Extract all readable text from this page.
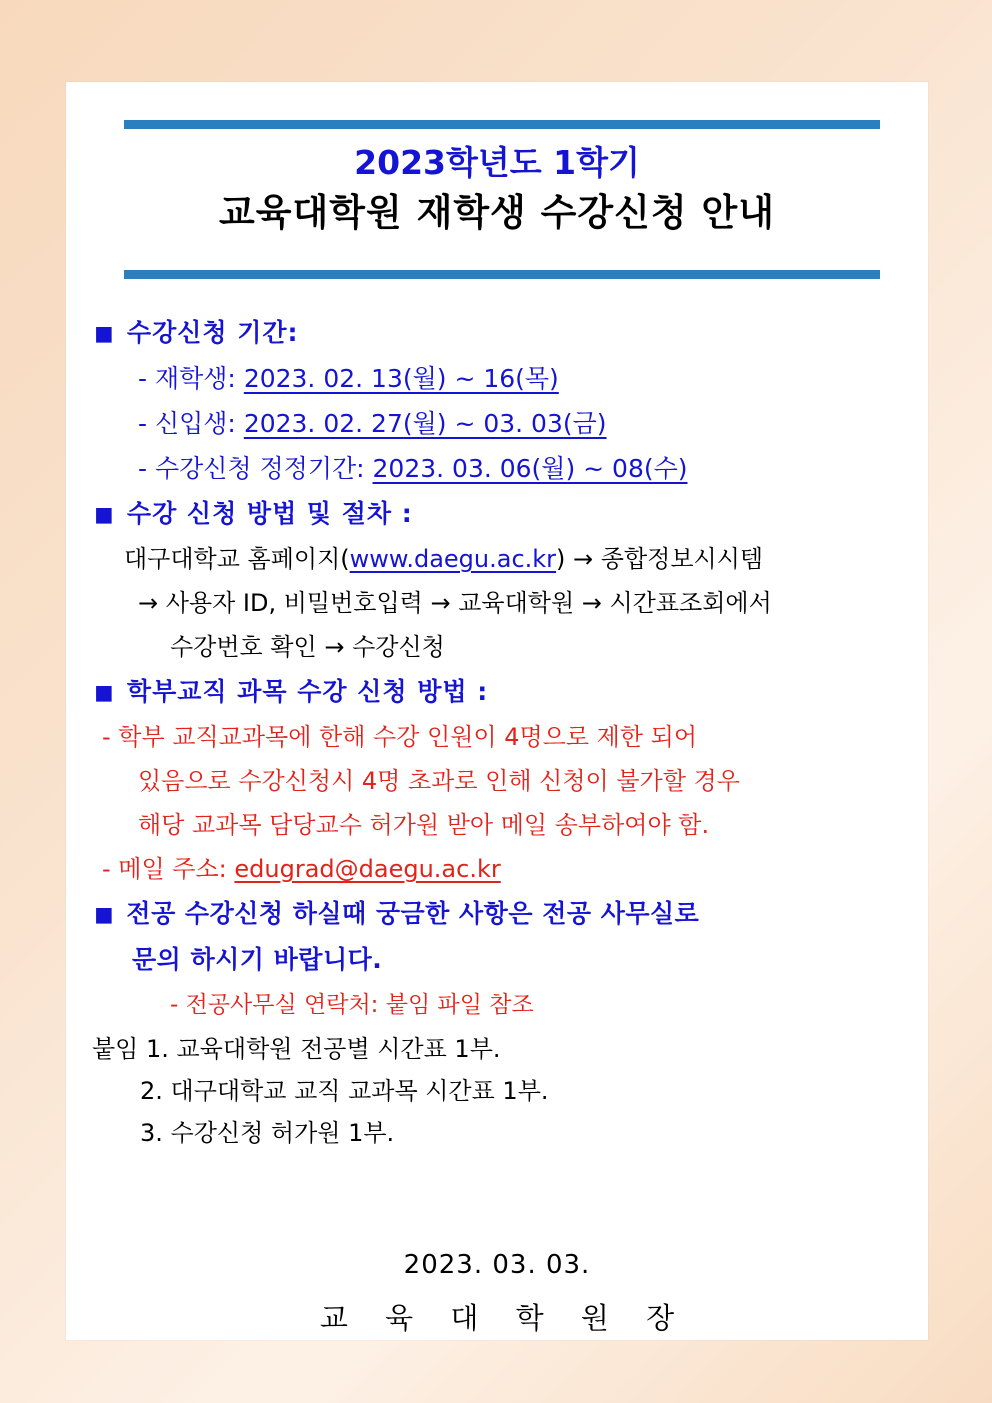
2023학년도 1학기
교육대학원 재학생 수강신청 안내
◼ 수강신청 기간:
- 재학생: 2023. 02. 13(월) ~ 16(목)
- 신입생: 2023. 02. 27(월) ~ 03. 03(금)
- 수강신청 정정기간: 2023. 03. 06(월) ~ 08(수)
◼ 수강 신청 방법 및 절차 :
대구대학교 홈페이지(www.daegu.ac.kr) → 종합정보시시템
→ 사용자 ID, 비밀번호입력 → 교육대학원 → 시간표조회에서
수강번호 확인 → 수강신청
◼ 학부교직 과목 수강 신청 방법 :
- 학부 교직교과목에 한해 수강 인원이 4명으로 제한 되어
있음으로 수강신청시 4명 초과로 인해 신청이 불가할 경우
해당 교과목 담당교수 허가원 받아 메일 송부하여야 함.
- 메일 주소: edugrad@daegu.ac.kr
◼ 전공 수강신청 하실때 궁금한 사항은 전공 사무실로
문의 하시기 바랍니다.
- 전공사무실 연락처: 붙임 파일 참조
붙임 1. 교육대학원 전공별 시간표 1부.
2. 대구대학교 교직 교과목 시간표 1부.
3. 수강신청 허가원 1부.
2023. 03. 03.
교 육 대 학 원 장
